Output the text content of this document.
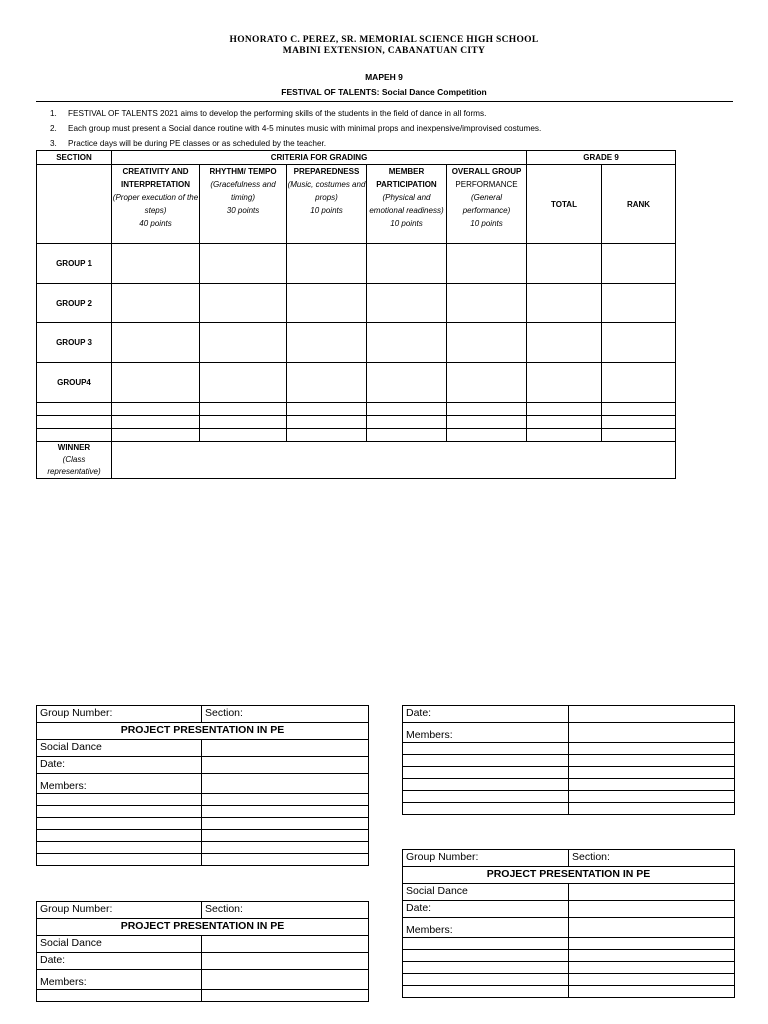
HONORATO C. PEREZ, SR. MEMORIAL SCIENCE HIGH SCHOOL
MABINI EXTENSION, CABANATUAN CITY
MAPEH 9
FESTIVAL OF TALENTS: Social Dance Competition
1. FESTIVAL OF TALENTS 2021 aims to develop the performing skills of the students in the field of dance in all forms.
2. Each group must present a Social dance routine with 4-5 minutes music with minimal props and inexpensive/improvised costumes.
3. Practice days will be during PE classes or as scheduled by the teacher.
SECTION	CRITERIA FOR GRADING					GRADE 9	
	CREATIVITY AND INTERPRETATION
(Proper execution of the steps)
40 points	RHYTHM/ TEMPO
(Gracefulness and timing)
30 points	PREPAREDNESS
(Music, costumes and props)
10 points	MEMBER PARTICIPATION
(Physical and emotional readiness)
10 points	OVERALL GROUP
PERFORMANCE
(General performance)
10 points	TOTAL	RANK
GROUP 1							
GROUP 2							
GROUP 3							
GROUP4							

WINNER
(Class representative)							

Group Number:	Section:
PROJECT PRESENTATION IN PE	
Social Dance	
Date:	
Members:	

Group Number:	Section:
PROJECT PRESENTATION IN PE	
Social Dance	
Date:	
Members:	

Date:	
Members:	

Group Number:	Section:
PROJECT PRESENTATION IN PE	
Social Dance	
Date:	
Members:	
